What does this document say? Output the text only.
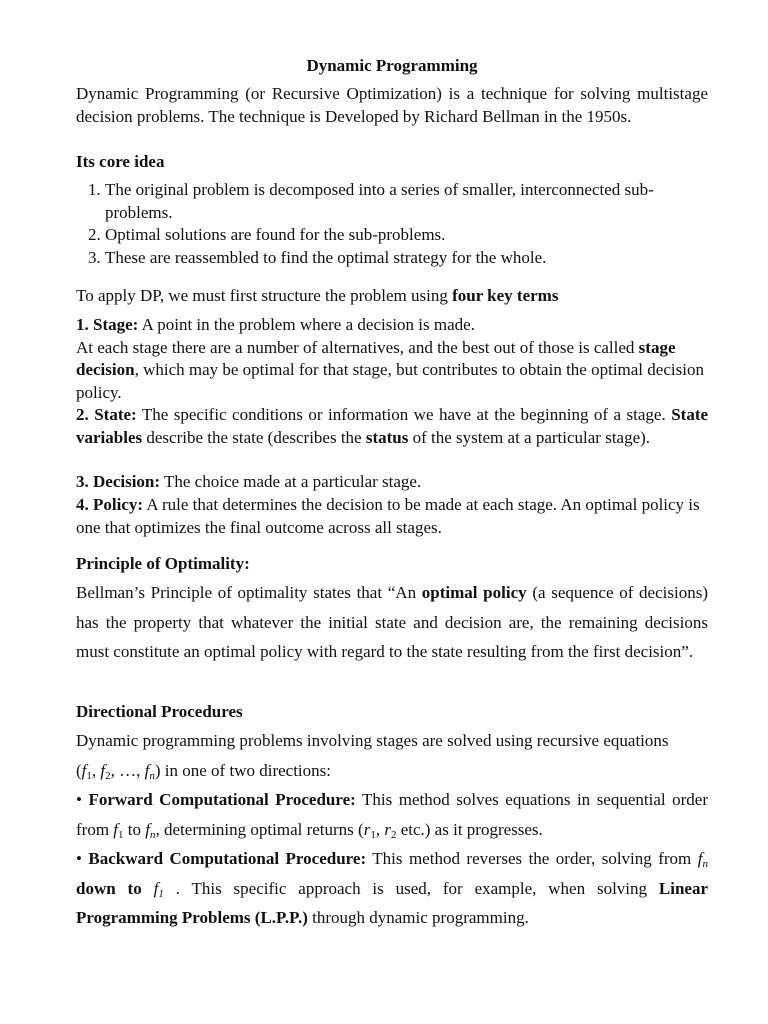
Dynamic Programming

Dynamic Programming (or Recursive Optimization) is a technique for solving multistage decision problems. The technique is Developed by Richard Bellman in the 1950s.

Its core idea

1. The original problem is decomposed into a series of smaller, interconnected sub-problems.
2. Optimal solutions are found for the sub-problems.
3. These are reassembled to find the optimal strategy for the whole.

To apply DP, we must first structure the problem using four key terms

1. Stage: A point in the problem where a decision is made.
At each stage there are a number of alternatives, and the best out of those is called stage decision, which may be optimal for that stage, but contributes to obtain the optimal decision policy.

2. State: The specific conditions or information we have at the beginning of a stage. State variables describe the state (describes the status of the system at a particular stage).

3. Decision: The choice made at a particular stage.

4. Policy: A rule that determines the decision to be made at each stage. An optimal policy is one that optimizes the final outcome across all stages.

Principle of Optimality:

Bellman’s Principle of optimality states that “An optimal policy (a sequence of decisions) has the property that whatever the initial state and decision are, the remaining decisions must constitute an optimal policy with regard to the state resulting from the first decision”.

Directional Procedures

Dynamic programming problems involving stages are solved using recursive equations
($f_1$, $f_2$, …, $f_n$) in one of two directions:

• Forward Computational Procedure: This method solves equations in sequential order from $f_1$ to $f_n$, determining optimal returns ($r_1$, $r_2$ etc.) as it progresses.

• Backward Computational Procedure: This method reverses the order, solving from $f_n$ down to $f_1$ . This specific approach is used, for example, when solving Linear Programming Problems (L.P.P.) through dynamic programming.
